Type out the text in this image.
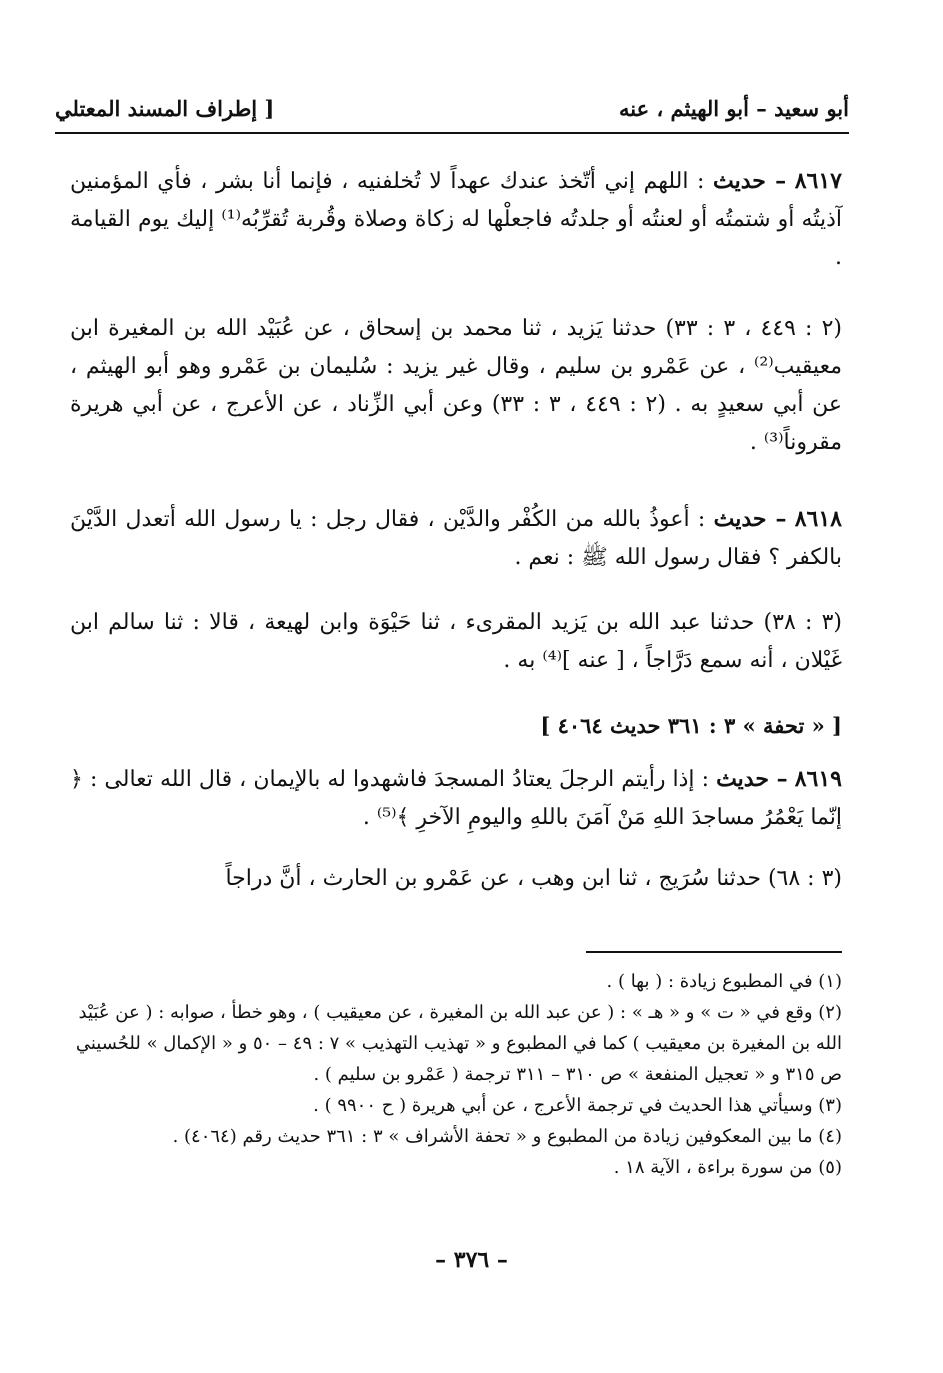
أبو سعيد – أبو الهيثم ، عنه
[ إطراف المسند المعتلي

٨٦١٧ – حديث : اللهم إني أتّخذ عندك عهداً لا تُخلفنيه ، فإنما أنا بشر ، فأي المؤمنين آذيتُه أو شتمتُه أو لعنتُه أو جلدتُه فاجعلْها له زكاة وصلاة وقُربة تُقرِّبُه⁽¹⁾ إليك يوم القيامة .

(٢ : ٤٤٩ ، ٣ : ٣٣) حدثنا يَزيد ، ثنا محمد بن إسحاق ، عن عُبَيْد الله بن المغيرة ابن معيقيب⁽²⁾ ، عن عَمْرو بن سليم ، وقال غير يزيد : سُليمان بن عَمْرو وهو أبو الهيثم ، عن أبي سعيدٍ به . (٢ : ٤٤٩ ، ٣ : ٣٣) وعن أبي الزِّناد ، عن الأعرج ، عن أبي هريرة مقروناً⁽³⁾ .

٨٦١٨ – حديث : أعوذُ بالله من الكُفْر والدَّيْن ، فقال رجل : يا رسول الله أتعدل الدَّيْنَ بالكفر ؟ فقال رسول الله ﷺ : نعم .

(٣ : ٣٨) حدثنا عبد الله بن يَزيد المقرىء ، ثنا حَيْوَة وابن لهيعة ، قالا : ثنا سالم ابن غَيْلان ، أنه سمع دَرَّاجاً ، [ عنه ]⁽⁴⁾ به .

[ « تحفة » ٣ : ٣٦١ حديث ٤٠٦٤ ]

٨٦١٩ – حديث : إذا رأيتم الرجلَ يعتادُ المسجدَ فاشهدوا له بالإيمان ، قال الله تعالى : ﴿ إنّما يَعْمُرُ مساجدَ اللهِ مَنْ آمَنَ باللهِ واليومِ الآخرِ ﴾⁽⁵⁾ .

(٣ : ٦٨) حدثنا سُرَيج ، ثنا ابن وهب ، عن عَمْرو بن الحارث ، أنَّ دراجاً

(١) في المطبوع زيادة : ( بها ) .

(٢) وقع في « ت » و « هـ » : ( عن عبد الله بن المغيرة ، عن معيقيب ) ، وهو خطأ ، صوابه : ( عن عُبَيْد الله بن المغيرة بن معيقيب ) كما في المطبوع و « تهذيب التهذيب » ٧ : ٤٩ – ٥٠ و « الإكمال » للحُسيني ص ٣١٥ و « تعجيل المنفعة » ص ٣١٠ – ٣١١ ترجمة ( عَمْرو بن سليم ) .

(٣) وسيأتي هذا الحديث في ترجمة الأعرج ، عن أبي هريرة ( ح ٩٩٠٠ ) .

(٤) ما بين المعكوفين زيادة من المطبوع و « تحفة الأشراف » ٣ : ٣٦١ حديث رقم (٤٠٦٤) .

(٥) من سورة براءة ، الآية ١٨ .

– ٣٧٦ –
